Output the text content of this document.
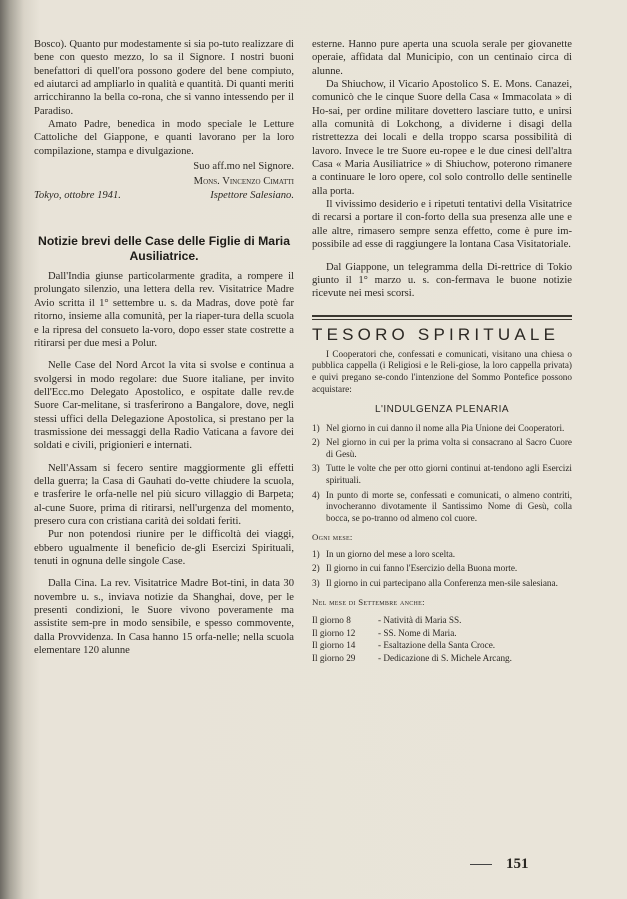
Bosco). Quanto pur modestamente si sia po-tuto realizzare di bene con questo mezzo, lo sa il Signore. I nostri buoni benefattori di quell'ora possono godere del bene compiuto, ed aiutarci ad ampliarlo in qualità e quantità. Di quanti meriti arricchiranno la bella co-rona, che si vanno intessendo per il Paradiso.

Amato Padre, benedica in modo speciale le Letture Cattoliche del Giappone, e quanti lavorano per la loro compilazione, stampa e divulgazione.

Suo aff.mo nel Signore.

Mons. Vincenzo Cimatti

Tokyo, ottobre 1941.	Ispettore Salesiano.
Notizie brevi delle Case delle Figlie di Maria Ausiliatrice.

Dall'India giunse particolarmente gradita, a rompere il prolungato silenzio, una lettera della rev. Visitatrice Madre Avio scritta il 1° settembre u. s. da Madras, dove potè far ritorno, insieme alla comunità, per la riaper-tura della scuola e la ripresa del consueto la-voro, dopo esser state costrette a ritirarsi per due mesi a Polur.

Nelle Case del Nord Arcot la vita si svolse e continua a svolgersi in modo regolare: due Suore italiane, per invito dell'Ecc.mo Delegato Apostolico, e ospitate dalle rev.de Suore Car-melitane, si trasferirono a Bangalore, dove, negli stessi uffici della Delegazione Apostolica, si prestano per la trasmissione dei messaggi della Radio Vaticana a favore dei soldati e civili, prigionieri e internati.

Nell'Assam si fecero sentire maggiormente gli effetti della guerra; la Casa di Gauhati do-vette chiudere la scuola, e trasferire le orfa-nelle nel più sicuro villaggio di Barpeta; al-cune Suore, prima di ritirarsi, nell'urgenza del momento, presero cura con cristiana carità dei soldati feriti.

Pur non potendosi riunire per le difficoltà dei viaggi, ebbero ugualmente il beneficio de-gli Esercizi Spirituali, tenuti in ognuna delle singole Case.

Dalla Cina. La rev. Visitatrice Madre Bot-tini, in data 30 novembre u. s., inviava notizie da Shanghai, dove, per le presenti condizioni, le Suore vivono poveramente ma assistite sem-pre in modo sensibile, e spesso commovente, dalla Provvidenza. In Casa hanno 15 orfa-nelle; nella scuola elementare 120 alunne

esterne. Hanno pure aperta una scuola serale per giovanette operaie, affidata dal Municipio, con un centinaio circa di alunne.

Da Shiuchow, il Vicario Apostolico S. E. Mons. Canazei, comunicò che le cinque Suore della Casa « Immacolata » di Ho-sai, per ordine militare dovettero lasciare tutto, e unirsi alla comunità di Lokchong, a dividerne i disagi della ristrettezza dei locali e della troppo scarsa possibilità di lavoro. Invece le tre Suore eu-ropee e le due cinesi dell'altra Casa « Maria Ausiliatrice » di Shiuchow, poterono rimanere a continuare le loro opere, col solo controllo delle sentinelle alla porta.

Il vivissimo desiderio e i ripetuti tentativi della Visitatrice di recarsi a portare il con-forto della sua presenza alle une e alle altre, rimasero sempre senza effetto, come è pure im-possibile ad esse di raggiungere la lontana Casa Visitatoriale.

Dal Giappone, un telegramma della Di-rettrice di Tokio giunto il 1° marzo u. s. con-fermava le buone notizie ricevute nei mesi scorsi.

TESORO SPIRITUALE

I Cooperatori che, confessati e comunicati, visitano una chiesa o pubblica cappella (i Religiosi e le Reli-giose, la loro cappella privata) e quivi pregano se-condo l'intenzione del Sommo Pontefice possono acquistare:

L'INDULGENZA PLENARIA
1) Nel giorno in cui danno il nome alla Pia Unione dei Cooperatori.
2) Nel giorno in cui per la prima volta si consacrano al Sacro Cuore di Gesù.
3) Tutte le volte che per otto giorni continui at-tendono agli Esercizi spirituali.
4) In punto di morte se, confessati e comunicati, o almeno contriti, invocheranno divotamente il Santissimo Nome di Gesù, colla bocca, se po-tranno od almeno col cuore.
Ogni mese:
1) In un giorno del mese a loro scelta.
2) Il giorno in cui fanno l'Esercizio della Buona morte.
3) Il giorno in cui partecipano alla Conferenza men-sile salesiana.
Nel mese di Settembre anche:
Il giorno 8	- Natività di Maria SS.
Il giorno 12	- SS. Nome di Maria.
Il giorno 14	- Esaltazione della Santa Croce.
Il giorno 29	- Dedicazione di S. Michele Arcang.
151
